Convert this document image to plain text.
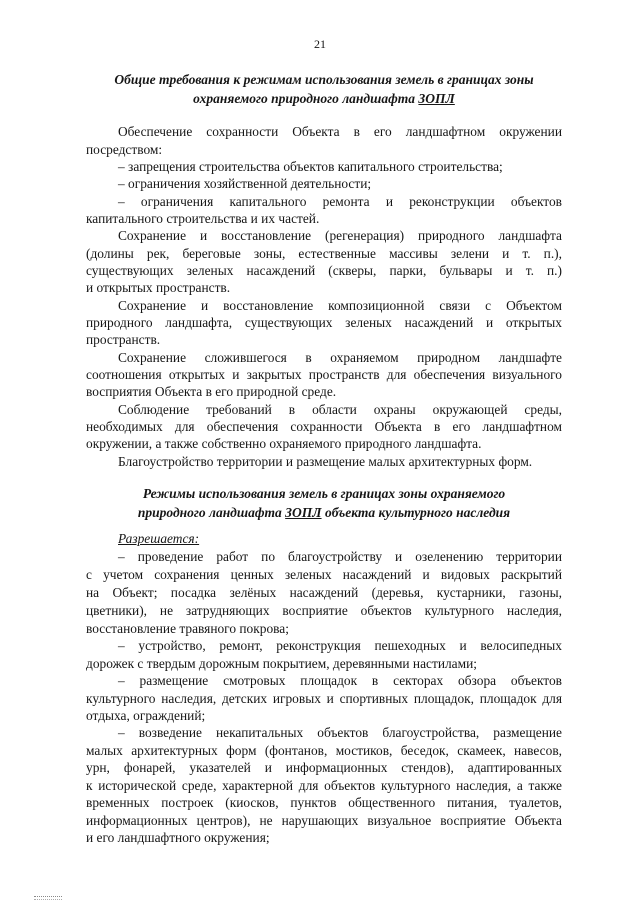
21
Общие требования к режимам использования земель в границах зоны
охраняемого природного ландшафта ЗОПЛ
Обеспечение сохранности Объекта в его ландшафтном окружении
посредством:
– запрещения строительства объектов капитального строительства;
– ограничения хозяйственной деятельности;
– ограничения капитального ремонта и реконструкции объектов
капитального строительства и их частей.
Сохранение и восстановление (регенерация) природного ландшафта
(долины рек, береговые зоны, естественные массивы зелени и т. п.),
существующих зеленых насаждений (скверы, парки, бульвары и т. п.)
и открытых пространств.
Сохранение и восстановление композиционной связи с Объектом
природного ландшафта, существующих зеленых насаждений и открытых
пространств.
Сохранение сложившегося в охраняемом природном ландшафте
соотношения открытых и закрытых пространств для обеспечения визуального
восприятия Объекта в его природной среде.
Соблюдение требований в области охраны окружающей среды,
необходимых для обеспечения сохранности Объекта в его ландшафтном
окружении, а также собственно охраняемого природного ландшафта.
Благоустройство территории и размещение малых архитектурных форм.
Режимы использования земель в границах зоны охраняемого
природного ландшафта ЗОПЛ объекта культурного наследия
Разрешается:
– проведение работ по благоустройству и озеленению территории
с учетом сохранения ценных зеленых насаждений и видовых раскрытий
на Объект; посадка зелёных насаждений (деревья, кустарники, газоны,
цветники), не затрудняющих восприятие объектов культурного наследия,
восстановление травяного покрова;
– устройство, ремонт, реконструкция пешеходных и велосипедных
дорожек с твердым дорожным покрытием, деревянными настилами;
– размещение смотровых площадок в секторах обзора объектов
культурного наследия, детских игровых и спортивных площадок, площадок для
отдыха, ограждений;
– возведение некапитальных объектов благоустройства, размещение
малых архитектурных форм (фонтанов, мостиков, беседок, скамеек, навесов,
урн, фонарей, указателей и информационных стендов), адаптированных
к исторической среде, характерной для объектов культурного наследия, а также
временных построек (киосков, пунктов общественного питания, туалетов,
информационных центров), не нарушающих визуальное восприятие Объекта
и его ландшафтного окружения;
